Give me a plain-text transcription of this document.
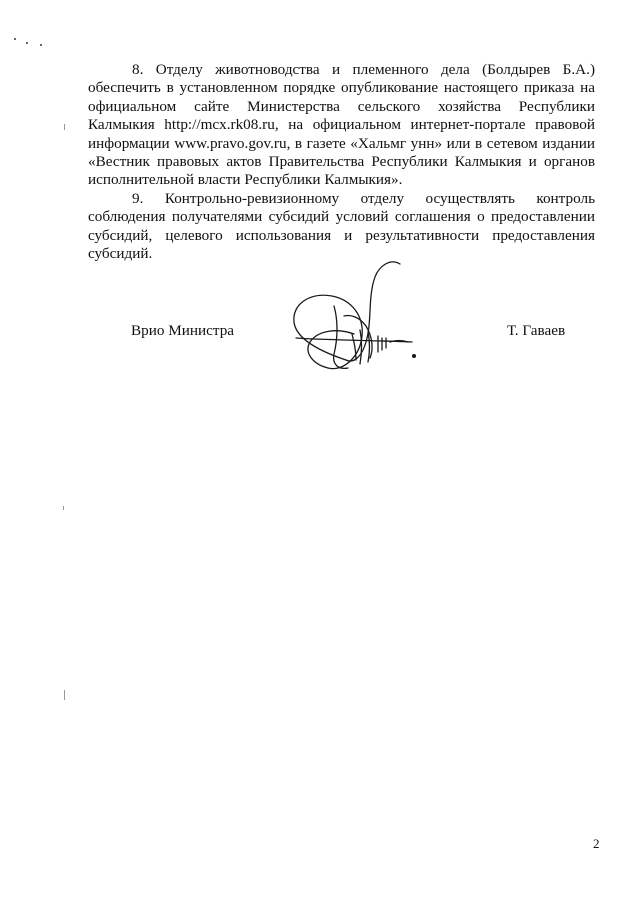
8. Отделу животноводства и племенного дела (Болдырев Б.А.) обеспечить в установленном порядке опубликование настоящего приказа на официальном сайте Министерства сельского хозяйства Республики Калмыкия http://mcx.rk08.ru, на официальном интернет-портале правовой информации www.pravo.gov.ru, в газете «Хальмг унн» или в сетевом издании «Вестник правовых актов Правительства Республики Калмыкия и органов исполнительной власти Республики Калмыкия».

9. Контрольно-ревизионному отделу осуществлять контроль соблюдения получателями субсидий условий соглашения о предоставлении субсидий, целевого использования и результативности предоставления субсидий.

Врио Министра	Т. Гаваев
2
